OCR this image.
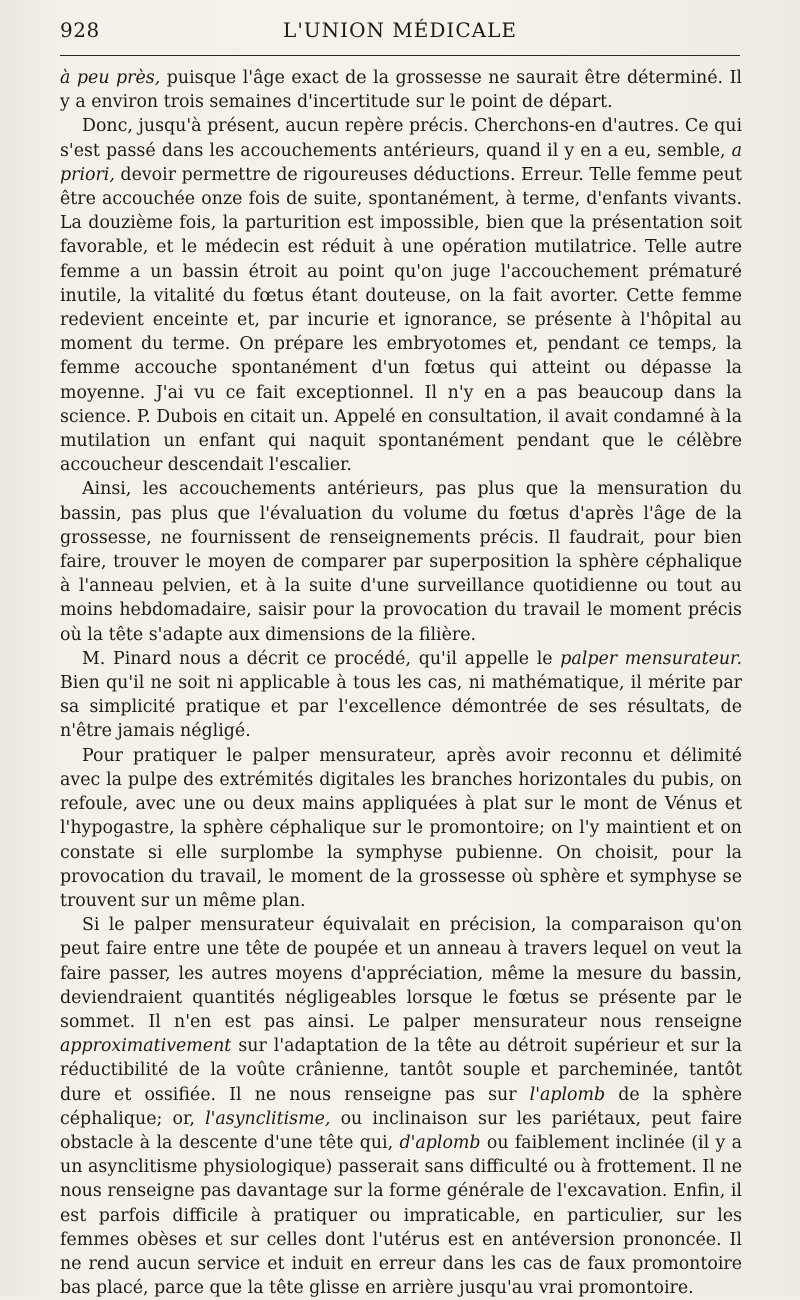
928	L'UNION MÉDICALE

à peu près, puisque l'âge exact de la grossesse ne saurait être déterminé. Il y a environ trois semaines d'incertitude sur le point de départ.

Donc, jusqu'à présent, aucun repère précis. Cherchons-en d'autres. Ce qui s'est passé dans les accouchements antérieurs, quand il y en a eu, semble, a priori, devoir permettre de rigoureuses déductions. Erreur. Telle femme peut être accouchée onze fois de suite, spontanément, à terme, d'enfants vivants. La douzième fois, la parturition est impossible, bien que la présentation soit favorable, et le médecin est réduit à une opération mutilatrice. Telle autre femme a un bassin étroit au point qu'on juge l'accouchement prématuré inutile, la vitalité du fœtus étant douteuse, on la fait avorter. Cette femme redevient enceinte et, par incurie et ignorance, se présente à l'hôpital au moment du terme. On prépare les embryotomes et, pendant ce temps, la femme accouche spontanément d'un fœtus qui atteint ou dépasse la moyenne. J'ai vu ce fait exceptionnel. Il n'y en a pas beaucoup dans la science. P. Dubois en citait un. Appelé en consultation, il avait condamné à la mutilation un enfant qui naquit spontanément pendant que le célèbre accoucheur descendait l'escalier.

Ainsi, les accouchements antérieurs, pas plus que la mensuration du bassin, pas plus que l'évaluation du volume du fœtus d'après l'âge de la grossesse, ne fournissent de renseignements précis. Il faudrait, pour bien faire, trouver le moyen de comparer par superposition la sphère céphalique à l'anneau pelvien, et à la suite d'une surveillance quotidienne ou tout au moins hebdomadaire, saisir pour la provocation du travail le moment précis où la tête s'adapte aux dimensions de la filière.

M. Pinard nous a décrit ce procédé, qu'il appelle le palper mensurateur. Bien qu'il ne soit ni applicable à tous les cas, ni mathématique, il mérite par sa simplicité pratique et par l'excellence démontrée de ses résultats, de n'être jamais négligé.

Pour pratiquer le palper mensurateur, après avoir reconnu et délimité avec la pulpe des extrémités digitales les branches horizontales du pubis, on refoule, avec une ou deux mains appliquées à plat sur le mont de Vénus et l'hypogastre, la sphère céphalique sur le promontoire; on l'y maintient et on constate si elle surplombe la symphyse pubienne. On choisit, pour la provocation du travail, le moment de la grossesse où sphère et symphyse se trouvent sur un même plan.

Si le palper mensurateur équivalait en précision, la comparaison qu'on peut faire entre une tête de poupée et un anneau à travers lequel on veut la faire passer, les autres moyens d'appréciation, même la mesure du bassin, deviendraient quantités négligeables lorsque le fœtus se présente par le sommet. Il n'en est pas ainsi. Le palper mensurateur nous renseigne approximativement sur l'adaptation de la tête au détroit supérieur et sur la réductibilité de la voûte crânienne, tantôt souple et parcheminée, tantôt dure et ossifiée. Il ne nous renseigne pas sur l'aplomb de la sphère céphalique; or, l'asynclitisme, ou inclinaison sur les pariétaux, peut faire obstacle à la descente d'une tête qui, d'aplomb ou faiblement inclinée (il y a un asynclitisme physiologique) passerait sans difficulté ou à frottement. Il ne nous renseigne pas davantage sur la forme générale de l'excavation. Enfin, il est parfois difficile à pratiquer ou impraticable, en particulier, sur les femmes obèses et sur celles dont l'utérus est en antéversion prononcée. Il ne rend aucun service et induit en erreur dans les cas de faux promontoire bas placé, parce que la tête glisse en arrière jusqu'au vrai promontoire.
